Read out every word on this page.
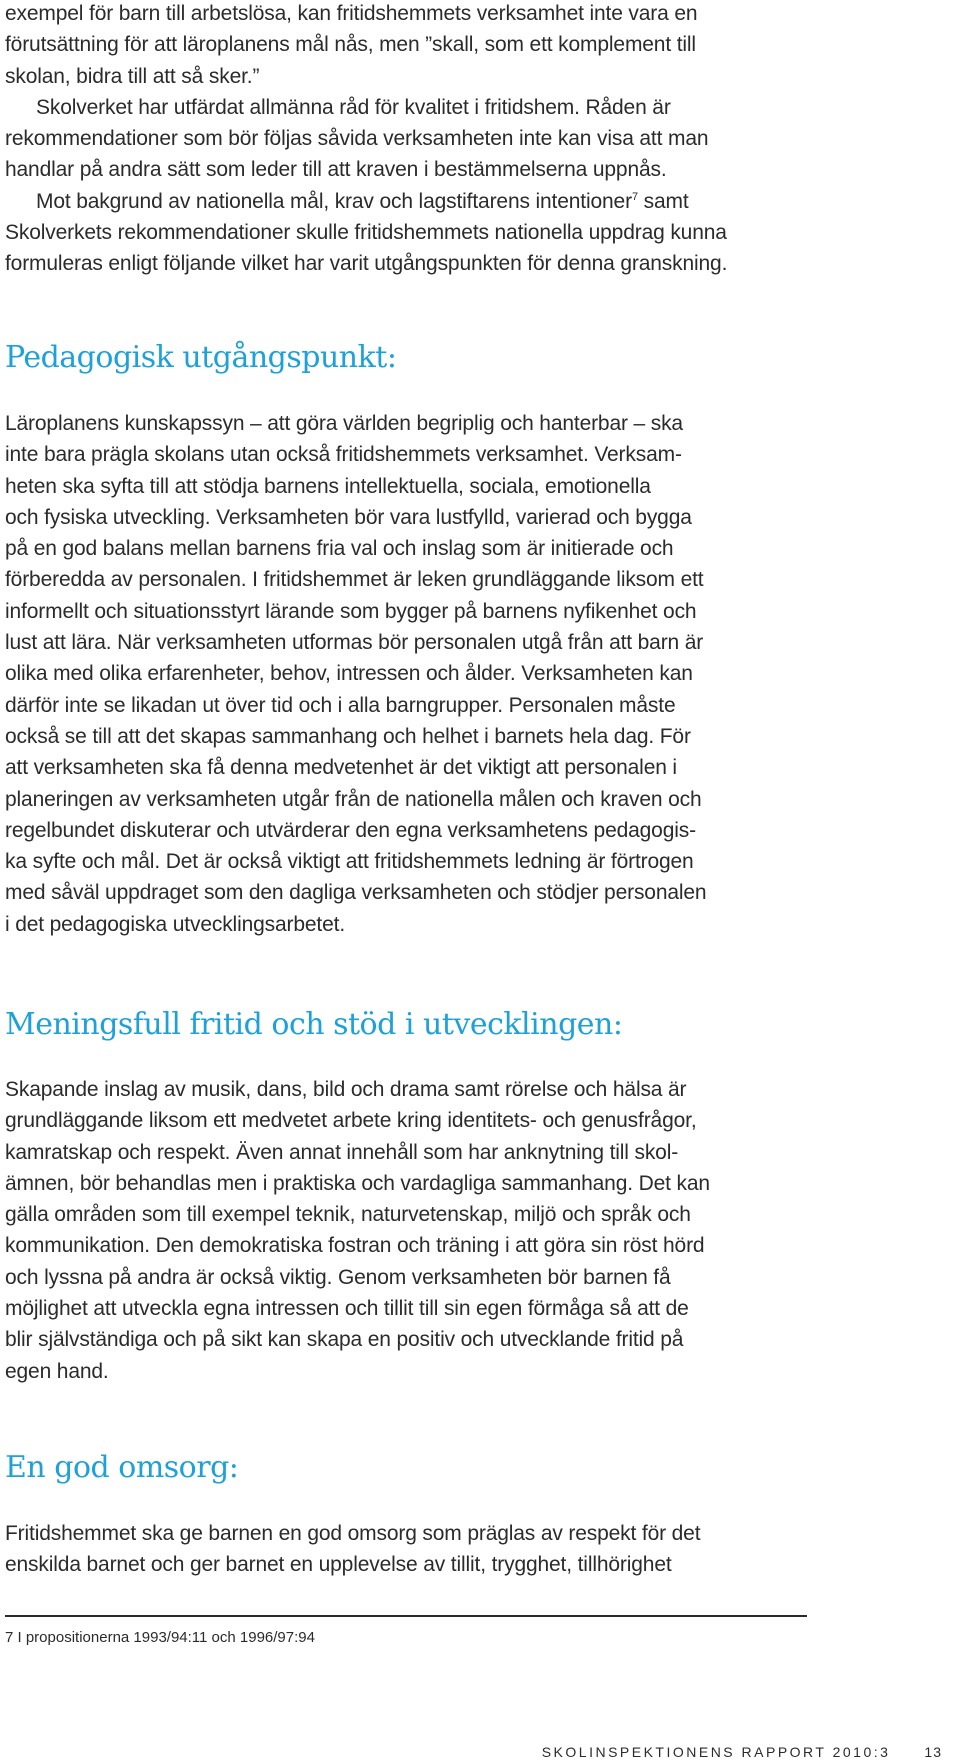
exempel för barn till arbetslösa, kan fritidshemmets verksamhet inte vara en
förutsättning för att läroplanens mål nås, men ”skall, som ett komplement till
skolan, bidra till att så sker.”

Skolverket har utfärdat allmänna råd för kvalitet i fritidshem. Råden är
rekommendationer som bör följas såvida verksamheten inte kan visa att man
handlar på andra sätt som leder till att kraven i bestämmelserna uppnås.

Mot bakgrund av nationella mål, krav och lagstiftarens intentioner$^7$ samt
Skolverkets rekommendationer skulle fritidshemmets nationella uppdrag kunna
formuleras enligt följande vilket har varit utgångspunkten för denna granskning.

Pedagogisk utgångspunkt:

Läroplanens kunskapssyn – att göra världen begriplig och hanterbar – ska
inte bara prägla skolans utan också fritidshemmets verksamhet. Verksam-
heten ska syfta till att stödja barnens intellektuella, sociala, emotionella
och fysiska utveckling. Verksamheten bör vara lustfylld, varierad och bygga
på en god balans mellan barnens fria val och inslag som är initierade och
förberedda av personalen. I fritidshemmet är leken grundläggande liksom ett
informellt och situationsstyrt lärande som bygger på barnens nyfikenhet och
lust att lära. När verksamheten utformas bör personalen utgå från att barn är
olika med olika erfarenheter, behov, intressen och ålder. Verksamheten kan
därför inte se likadan ut över tid och i alla barngrupper. Personalen måste
också se till att det skapas sammanhang och helhet i barnets hela dag. För
att verksamheten ska få denna medvetenhet är det viktigt att personalen i
planeringen av verksamheten utgår från de nationella målen och kraven och
regelbundet diskuterar och utvärderar den egna verksamhetens pedagogis-
ka syfte och mål. Det är också viktigt att fritidshemmets ledning är förtrogen
med såväl uppdraget som den dagliga verksamheten och stödjer personalen
i det pedagogiska utvecklingsarbetet.

Meningsfull fritid och stöd i utvecklingen:

Skapande inslag av musik, dans, bild och drama samt rörelse och hälsa är
grundläggande liksom ett medvetet arbete kring identitets- och genusfrågor,
kamratskap och respekt. Även annat innehåll som har anknytning till skol-
ämnen, bör behandlas men i praktiska och vardagliga sammanhang. Det kan
gälla områden som till exempel teknik, naturvetenskap, miljö och språk och
kommunikation. Den demokratiska fostran och träning i att göra sin röst hörd
och lyssna på andra är också viktig. Genom verksamheten bör barnen få
möjlighet att utveckla egna intressen och tillit till sin egen förmåga så att de
blir självständiga och på sikt kan skapa en positiv och utvecklande fritid på
egen hand.

En god omsorg:

Fritidshemmet ska ge barnen en god omsorg som präglas av respekt för det
enskilda barnet och ger barnet en upplevelse av tillit, trygghet, tillhörighet

7 I propositionerna 1993/94:11 och 1996/97:94
SKOLINSPEKTIONENS RAPPORT 2010:3 13
